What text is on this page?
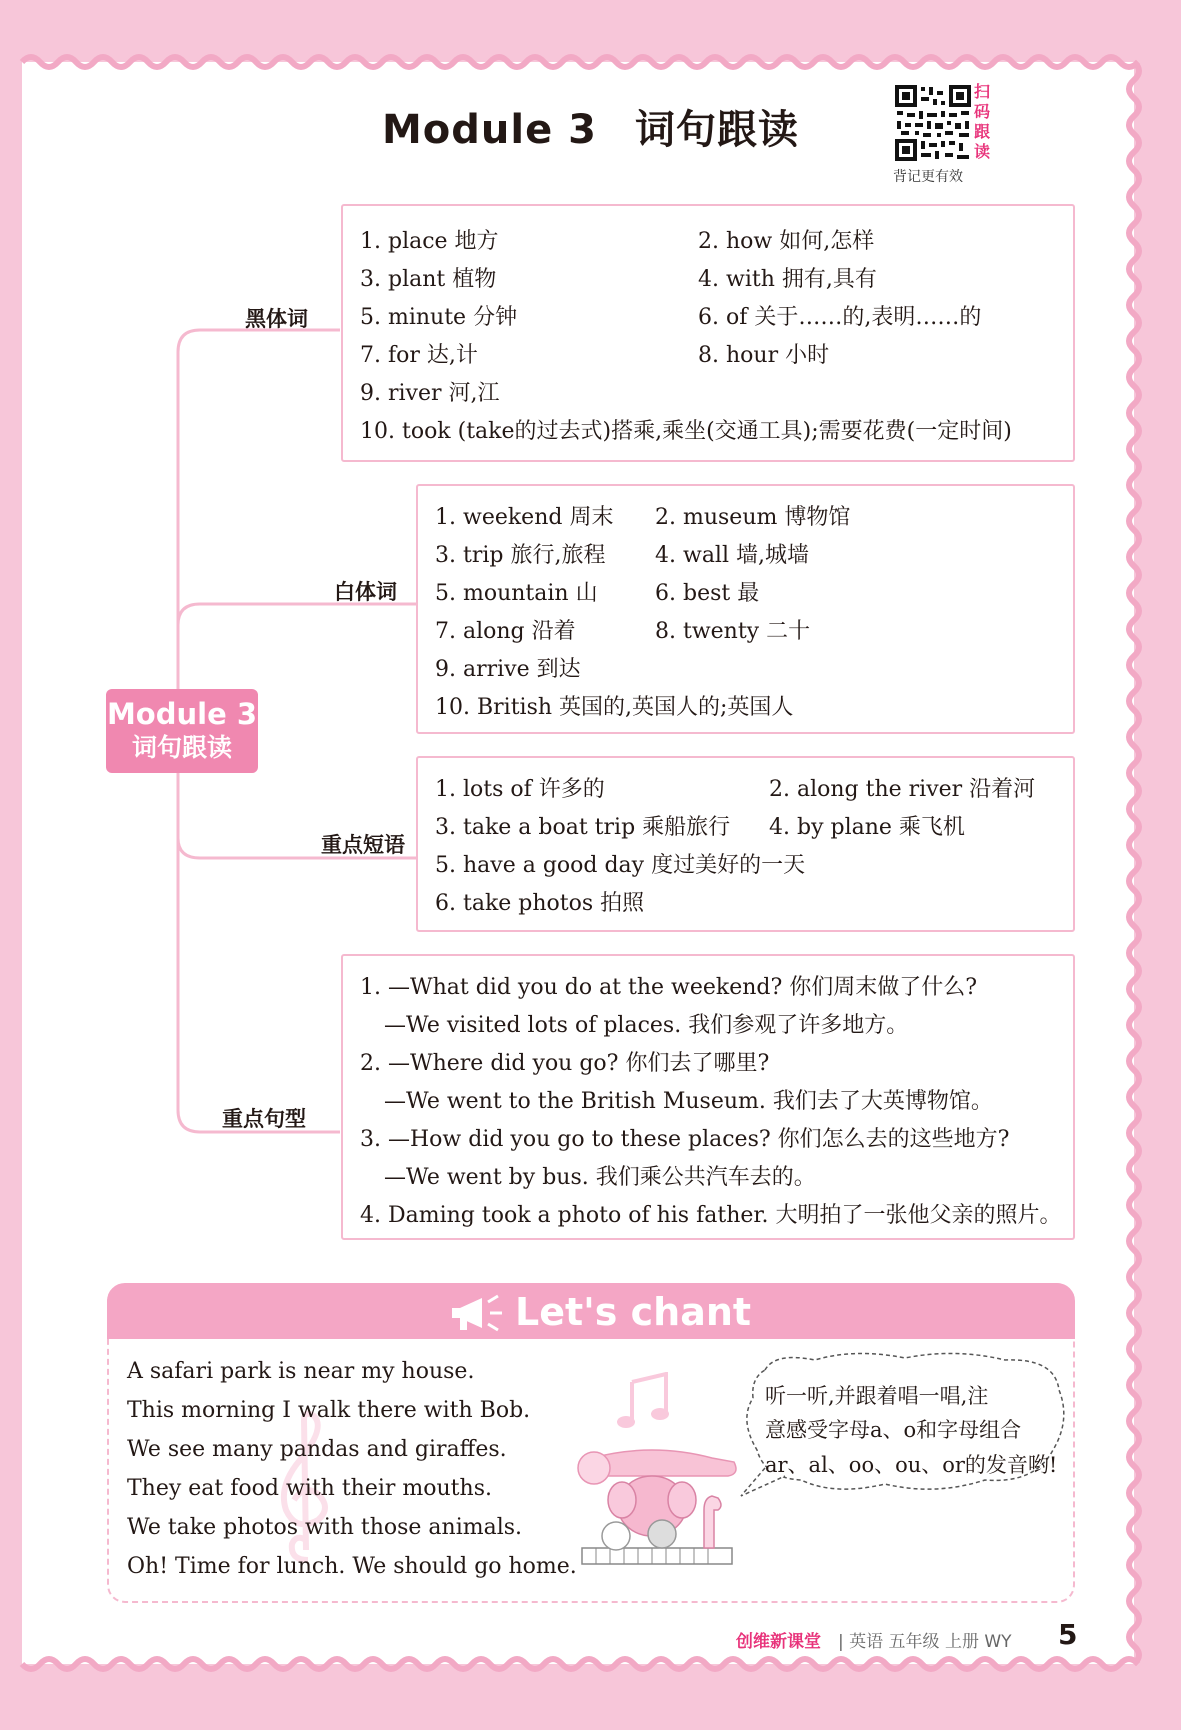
Module 3 词句跟读
扫码跟读
背记更有效
Module 3
词句跟读
黑体词
1. place 地方	2. how 如何,怎样
3. plant 植物	4. with 拥有,具有
5. minute 分钟	6. of 关于……的,表明……的
7. for 达,计	8. hour 小时
9. river 河,江
10. took (take的过去式)搭乘,乘坐(交通工具);需要花费(一定时间)
白体词
1. weekend 周末 2. museum 博物馆
3. trip 旅行,旅程 4. wall 墙,城墙
5. mountain 山	6. best 最
7. along 沿着	8. twenty 二十
9. arrive 到达
10. British 英国的,英国人的;英国人
重点短语
1. lots of 许多的	2. along the river 沿着河
3. take a boat trip 乘船旅行 4. by plane 乘飞机
5. have a good day 度过美好的一天
6. take photos 拍照
重点句型
1. —What did you do at the weekend? 你们周末做了什么?
—We visited lots of places. 我们参观了许多地方。
2. —Where did you go? 你们去了哪里?
—We went to the British Museum. 我们去了大英博物馆。
3. —How did you go to these places? 你们怎么去的这些地方?
—We went by bus. 我们乘公共汽车去的。
4. Daming took a photo of his father. 大明拍了一张他父亲的照片。
Let's chant
A safari park is near my house.
This morning I walk there with Bob.
We see many pandas and giraffes.
They eat food with their mouths.
We take photos with those animals.
Oh! Time for lunch. We should go home.
听一听,并跟着唱一唱,注
意感受字母a、o和字母组合
ar、al、oo、ou、or的发音哟!
创维新课堂 | 英语 五年级 上册 WY 5
